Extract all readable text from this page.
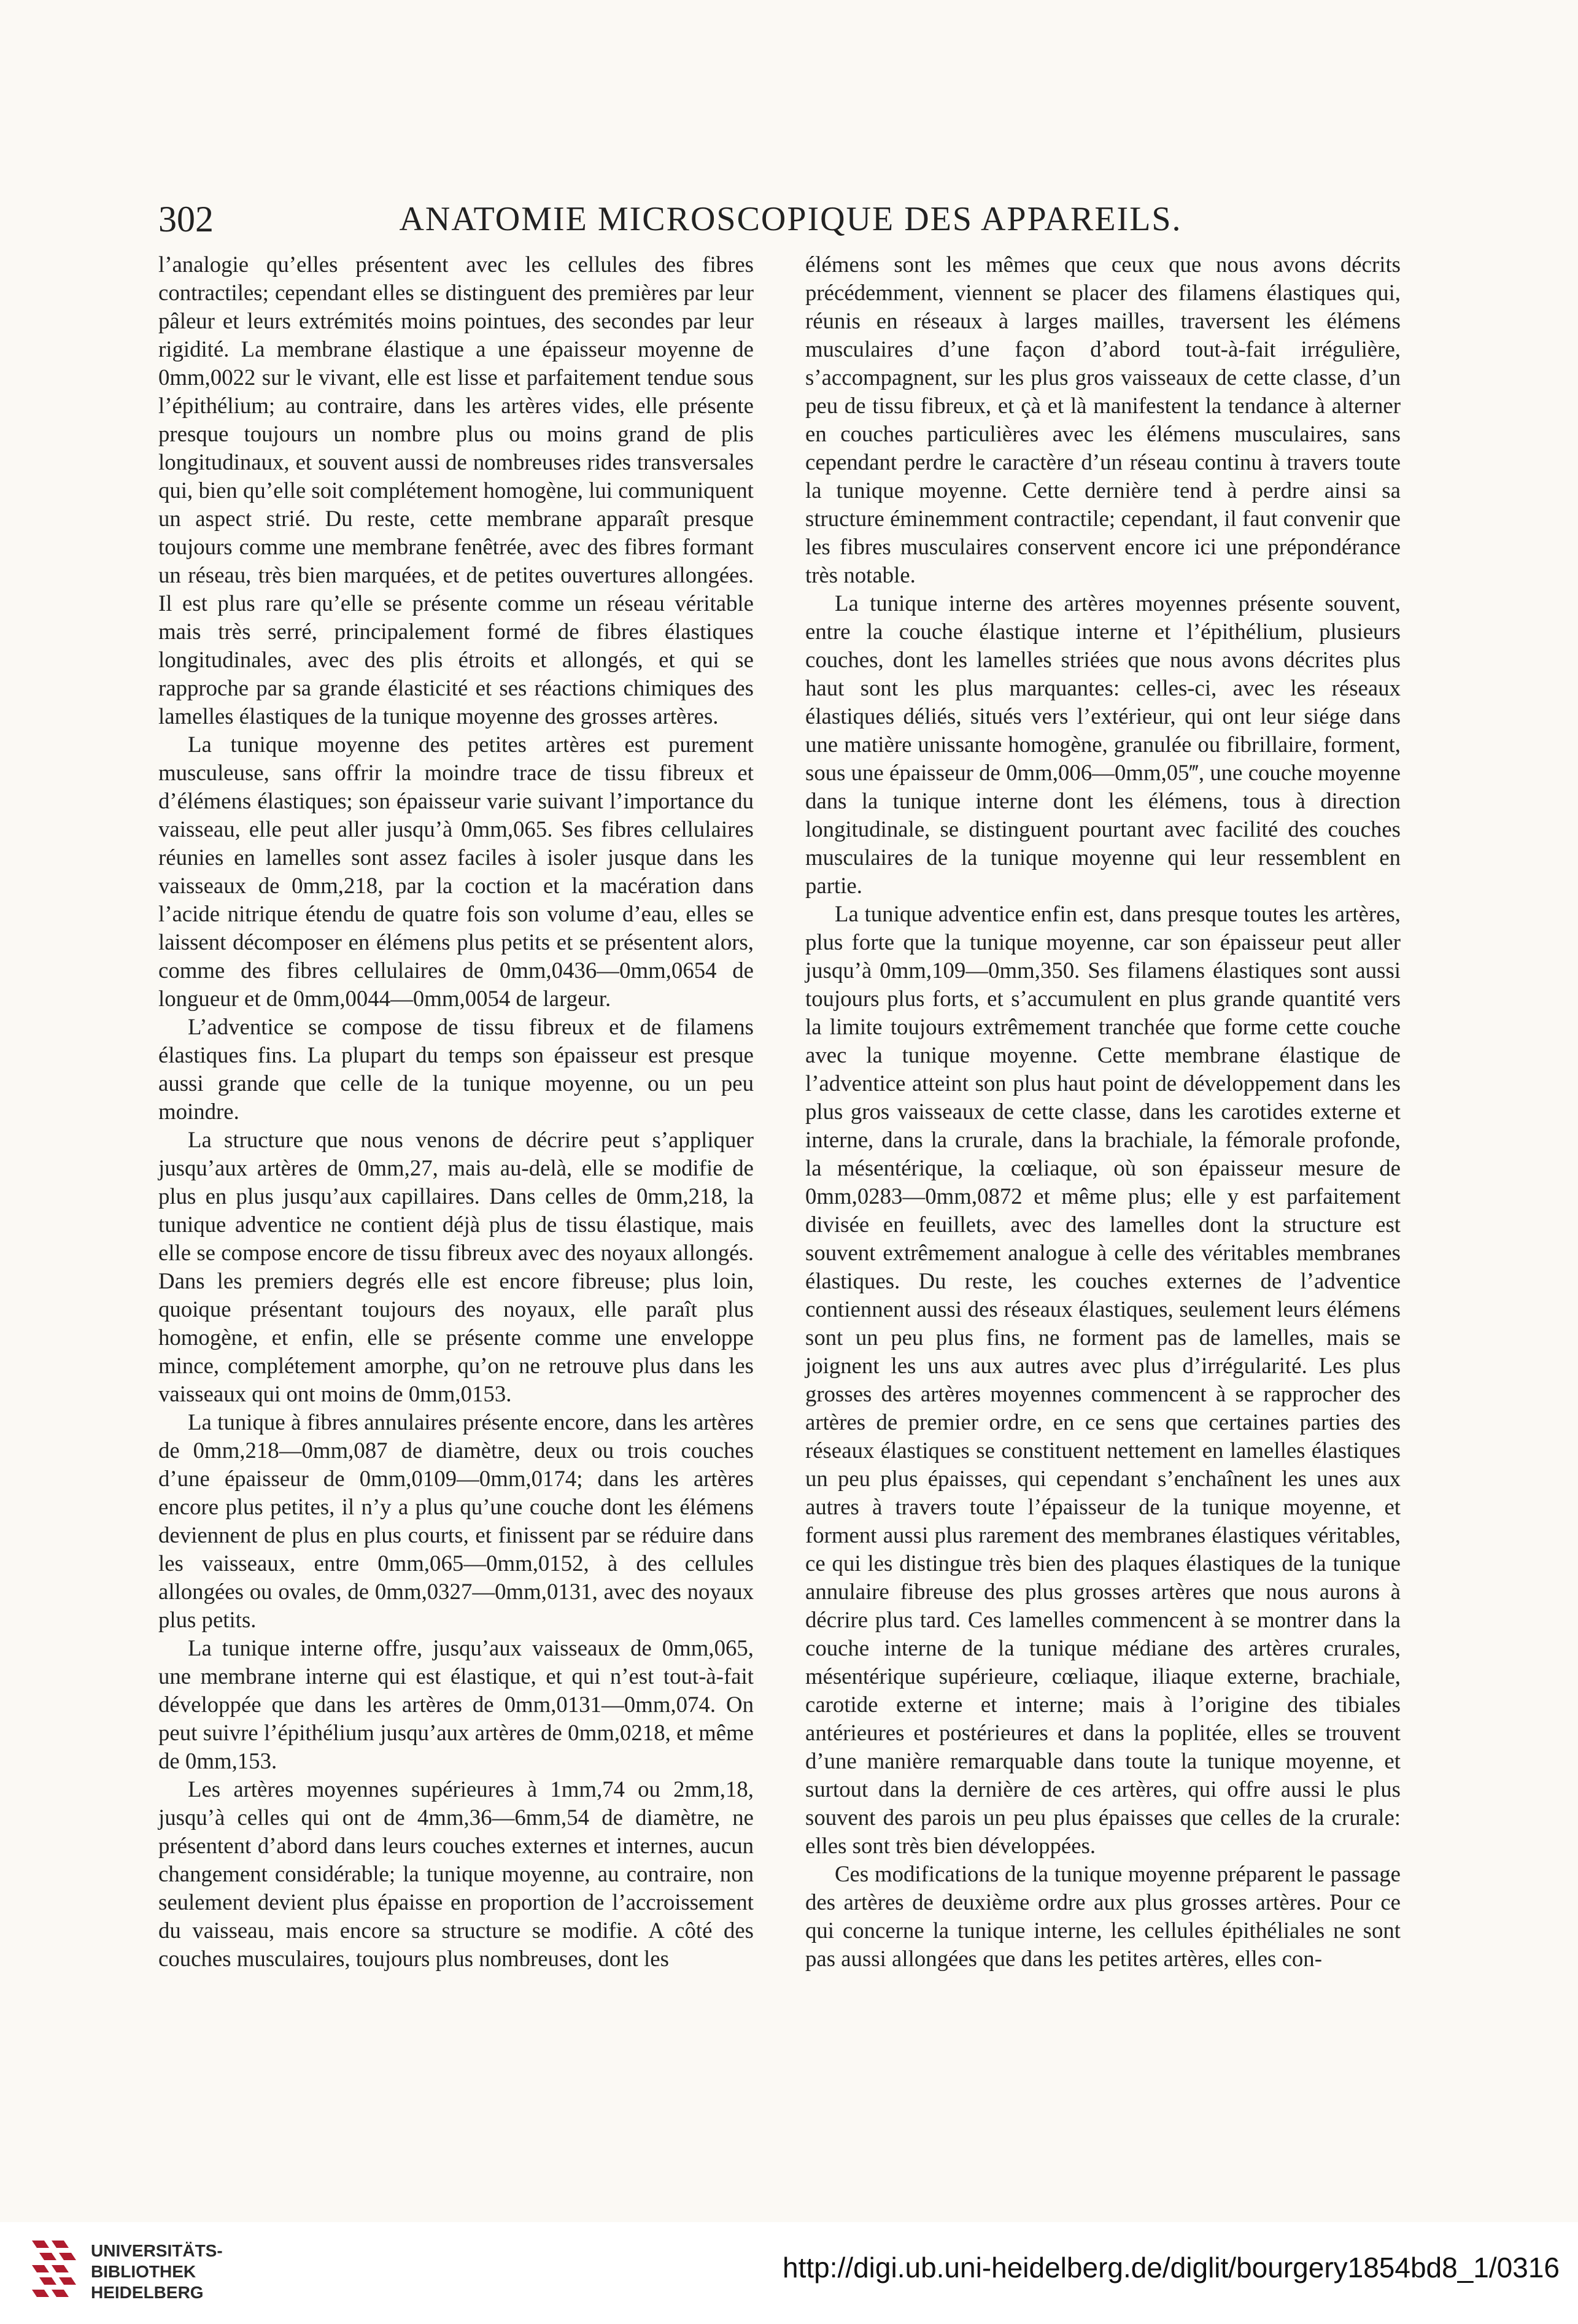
302	ANATOMIE MICROSCOPIQUE DES APPAREILS.

l’analogie qu’elles présentent avec les cellules des fibres contractiles; cependant elles se distinguent des premières par leur pâleur et leurs extrémités moins pointues, des secondes par leur rigidité. La membrane élastique a une épaisseur moyenne de 0mm,0022 sur le vivant, elle est lisse et parfaitement tendue sous l’épithélium; au contraire, dans les artères vides, elle présente presque toujours un nombre plus ou moins grand de plis longitudinaux, et souvent aussi de nombreuses rides transversales qui, bien qu’elle soit complétement homogène, lui communiquent un aspect strié. Du reste, cette membrane apparaît presque toujours comme une membrane fenêtrée, avec des fibres formant un réseau, très bien marquées, et de petites ouvertures allongées. Il est plus rare qu’elle se présente comme un réseau véritable mais très serré, principalement formé de fibres élastiques longitudinales, avec des plis étroits et allongés, et qui se rapproche par sa grande élasticité et ses réactions chimiques des lamelles élastiques de la tunique moyenne des grosses artères.

La tunique moyenne des petites artères est purement musculeuse, sans offrir la moindre trace de tissu fibreux et d’élémens élastiques; son épaisseur varie suivant l’importance du vaisseau, elle peut aller jusqu’à 0mm,065. Ses fibres cellulaires réunies en lamelles sont assez faciles à isoler jusque dans les vaisseaux de 0mm,218, par la coction et la macération dans l’acide nitrique étendu de quatre fois son volume d’eau, elles se laissent décomposer en élémens plus petits et se présentent alors, comme des fibres cellulaires de 0mm,0436—0mm,0654 de longueur et de 0mm,0044—0mm,0054 de largeur.

L’adventice se compose de tissu fibreux et de filamens élastiques fins. La plupart du temps son épaisseur est presque aussi grande que celle de la tunique moyenne, ou un peu moindre.

La structure que nous venons de décrire peut s’appliquer jusqu’aux artères de 0mm,27, mais au-delà, elle se modifie de plus en plus jusqu’aux capillaires. Dans celles de 0mm,218, la tunique adventice ne contient déjà plus de tissu élastique, mais elle se compose encore de tissu fibreux avec des noyaux allongés. Dans les premiers degrés elle est encore fibreuse; plus loin, quoique présentant toujours des noyaux, elle paraît plus homogène, et enfin, elle se présente comme une enveloppe mince, complétement amorphe, qu’on ne retrouve plus dans les vaisseaux qui ont moins de 0mm,0153.

La tunique à fibres annulaires présente encore, dans les artères de 0mm,218—0mm,087 de diamètre, deux ou trois couches d’une épaisseur de 0mm,0109—0mm,0174; dans les artères encore plus petites, il n’y a plus qu’une couche dont les élémens deviennent de plus en plus courts, et finissent par se réduire dans les vaisseaux, entre 0mm,065—0mm,0152, à des cellules allongées ou ovales, de 0mm,0327—0mm,0131, avec des noyaux plus petits.

La tunique interne offre, jusqu’aux vaisseaux de 0mm,065, une membrane interne qui est élastique, et qui n’est tout-à-fait développée que dans les artères de 0mm,0131—0mm,074. On peut suivre l’épithélium jusqu’aux artères de 0mm,0218, et même de 0mm,153.

Les artères moyennes supérieures à 1mm,74 ou 2mm,18, jusqu’à celles qui ont de 4mm,36—6mm,54 de diamètre, ne présentent d’abord dans leurs couches externes et internes, aucun changement considérable; la tunique moyenne, au contraire, non seulement devient plus épaisse en proportion de l’accroissement du vaisseau, mais encore sa structure se modifie. A côté des couches musculaires, toujours plus nombreuses, dont les

élémens sont les mêmes que ceux que nous avons décrits précédemment, viennent se placer des filamens élastiques qui, réunis en réseaux à larges mailles, traversent les élémens musculaires d’une façon d’abord tout-à-fait irrégulière, s’accompagnent, sur les plus gros vaisseaux de cette classe, d’un peu de tissu fibreux, et çà et là manifestent la tendance à alterner en couches particulières avec les élémens musculaires, sans cependant perdre le caractère d’un réseau continu à travers toute la tunique moyenne. Cette dernière tend à perdre ainsi sa structure éminemment contractile; cependant, il faut convenir que les fibres musculaires conservent encore ici une prépondérance très notable.

La tunique interne des artères moyennes présente souvent, entre la couche élastique interne et l’épithélium, plusieurs couches, dont les lamelles striées que nous avons décrites plus haut sont les plus marquantes: celles-ci, avec les réseaux élastiques déliés, situés vers l’extérieur, qui ont leur siége dans une matière unissante homogène, granulée ou fibrillaire, forment, sous une épaisseur de 0mm,006—0mm,05‴, une couche moyenne dans la tunique interne dont les élémens, tous à direction longitudinale, se distinguent pourtant avec facilité des couches musculaires de la tunique moyenne qui leur ressemblent en partie.

La tunique adventice enfin est, dans presque toutes les artères, plus forte que la tunique moyenne, car son épaisseur peut aller jusqu’à 0mm,109—0mm,350. Ses filamens élastiques sont aussi toujours plus forts, et s’accumulent en plus grande quantité vers la limite toujours extrêmement tranchée que forme cette couche avec la tunique moyenne. Cette membrane élastique de l’adventice atteint son plus haut point de développement dans les plus gros vaisseaux de cette classe, dans les carotides externe et interne, dans la crurale, dans la brachiale, la fémorale profonde, la mésentérique, la cœliaque, où son épaisseur mesure de 0mm,0283—0mm,0872 et même plus; elle y est parfaitement divisée en feuillets, avec des lamelles dont la structure est souvent extrêmement analogue à celle des véritables membranes élastiques. Du reste, les couches externes de l’adventice contiennent aussi des réseaux élastiques, seulement leurs élémens sont un peu plus fins, ne forment pas de lamelles, mais se joignent les uns aux autres avec plus d’irrégularité. Les plus grosses des artères moyennes commencent à se rapprocher des artères de premier ordre, en ce sens que certaines parties des réseaux élastiques se constituent nettement en lamelles élastiques un peu plus épaisses, qui cependant s’enchaînent les unes aux autres à travers toute l’épaisseur de la tunique moyenne, et forment aussi plus rarement des membranes élastiques véritables, ce qui les distingue très bien des plaques élastiques de la tunique annulaire fibreuse des plus grosses artères que nous aurons à décrire plus tard. Ces lamelles commencent à se montrer dans la couche interne de la tunique médiane des artères crurales, mésentérique supérieure, cœliaque, iliaque externe, brachiale, carotide externe et interne; mais à l’origine des tibiales antérieures et postérieures et dans la poplitée, elles se trouvent d’une manière remarquable dans toute la tunique moyenne, et surtout dans la dernière de ces artères, qui offre aussi le plus souvent des parois un peu plus épaisses que celles de la crurale: elles sont très bien développées.

Ces modifications de la tunique moyenne préparent le passage des artères de deuxième ordre aux plus grosses artères. Pour ce qui concerne la tunique interne, les cellules épithéliales ne sont pas aussi allongées que dans les petites artères, elles con-

UNIVERSITÄTS-
BIBLIOTHEK
HEIDELBERG
http://digi.ub.uni-heidelberg.de/diglit/bourgery1854bd8_1/0316
